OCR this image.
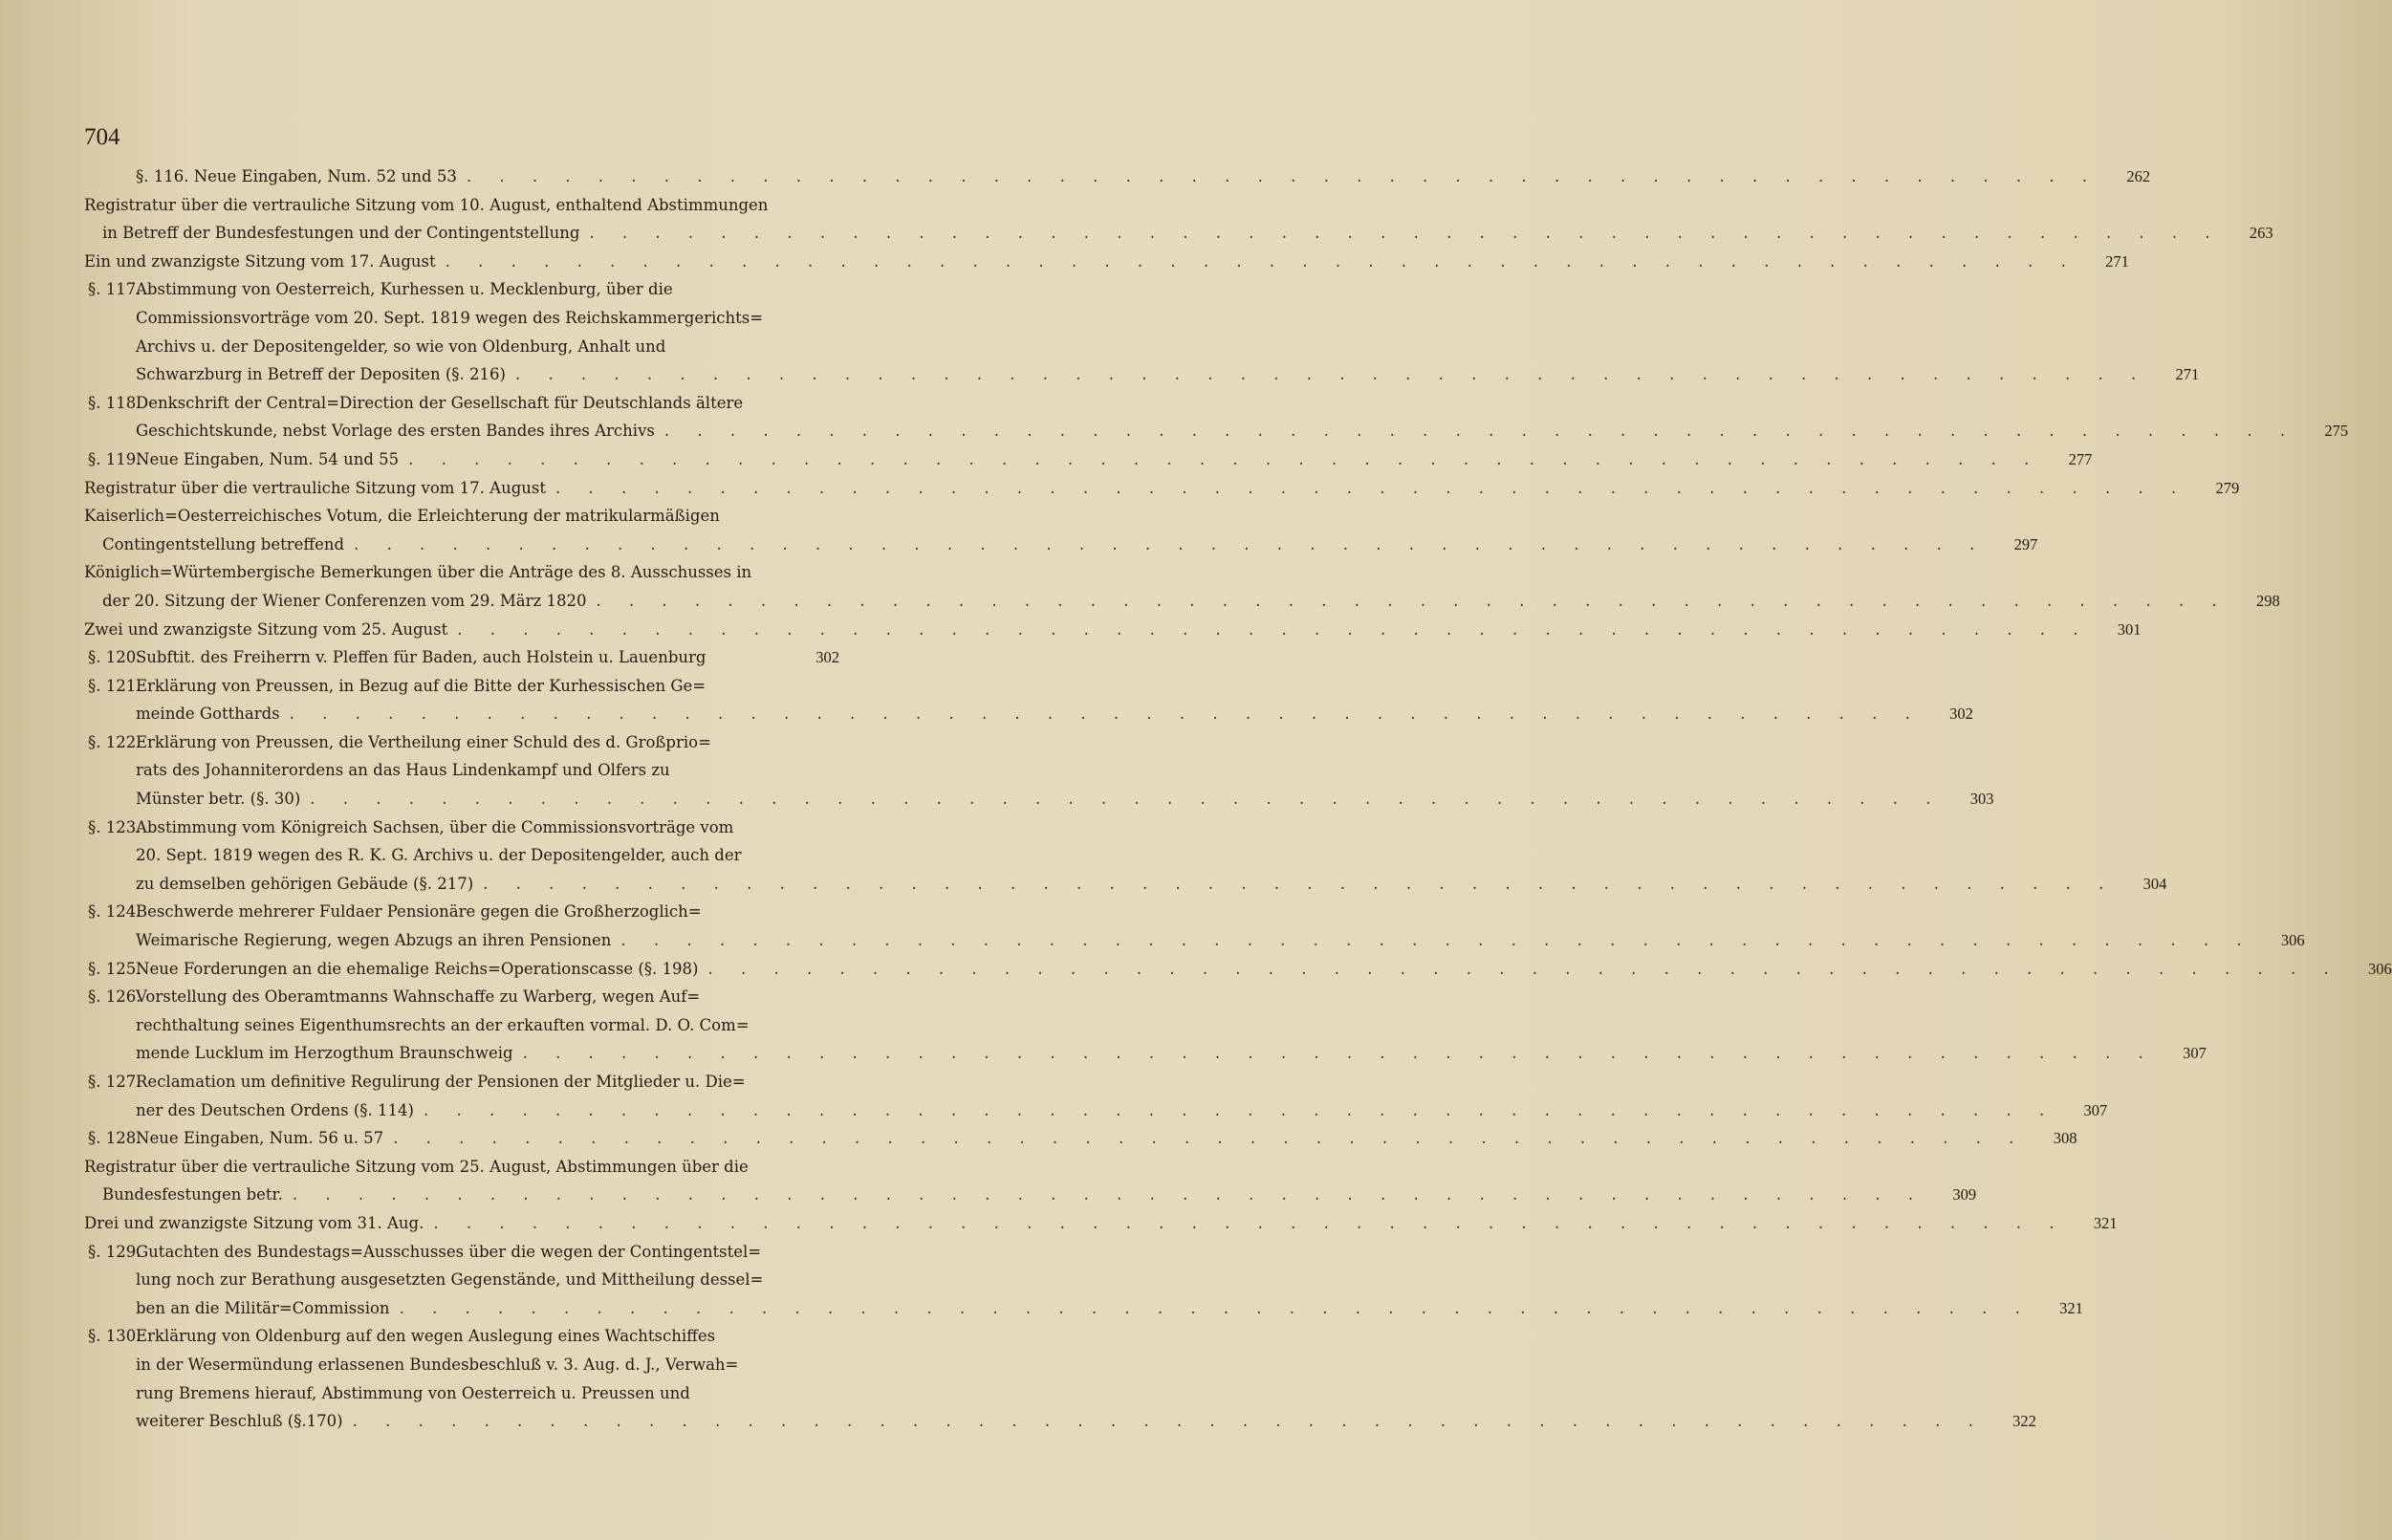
704
§. 116. Neue Eingaben, Num. 52 und 53 . . .	262
Registratur über die vertrauliche Sitzung vom 10. August, enthaltend Abstimmungen
in Betreff der Bundesfestungen und der Contingentstellung . . .	263
Ein und zwanzigste Sitzung vom 17. August . . .	271
§. 117.
Abstimmung von Oesterreich, Kurhessen u. Mecklenburg, über die
Commissionsvorträge vom 20. Sept. 1819 wegen des Reichskammergerichts=
Archivs u. der Depositengelder, so wie von Oldenburg, Anhalt und
Schwarzburg in Betreff der Depositen (§. 216) . . .	271
§. 118.
Denkschrift der Central=Direction der Gesellschaft für Deutschlands ältere
Geschichtskunde, nebst Vorlage des ersten Bandes ihres Archivs . . .	275
§. 119.
Neue Eingaben, Num. 54 und 55 . . .	277
Registratur über die vertrauliche Sitzung vom 17. August . . .	279
Kaiserlich=Oesterreichisches Votum, die Erleichterung der matrikularmäßigen
Contingentstellung betreffend . . .	297
Königlich=Würtembergische Bemerkungen über die Anträge des 8. Ausschusses in
der 20. Sitzung der Wiener Conferenzen vom 29. März 1820 . . .	298
Zwei und zwanzigste Sitzung vom 25. August . . .	301
§. 120.
Subftit. des Freiherrn v. Pleffen für Baden, auch Holstein u. Lauenburg	302
§. 121.
Erklärung von Preussen, in Bezug auf die Bitte der Kurhessischen Ge=
meinde Gotthards . . .	302
§. 122.
Erklärung von Preussen, die Vertheilung einer Schuld des d. Großprio=
rats des Johanniterordens an das Haus Lindenkampf und Olfers zu
Münster betr. (§. 30) . . .	303
§. 123.
Abstimmung vom Königreich Sachsen, über die Commissionsvorträge vom
20. Sept. 1819 wegen des R. K. G. Archivs u. der Depositengelder, auch der
zu demselben gehörigen Gebäude (§. 217) . . .	304
§. 124.
Beschwerde mehrerer Fuldaer Pensionäre gegen die Großherzoglich=
Weimarische Regierung, wegen Abzugs an ihren Pensionen . . .	306
§. 125.
Neue Forderungen an die ehemalige Reichs=Operationscasse (§. 198) . . .	306
§. 126.
Vorstellung des Oberamtmanns Wahnschaffe zu Warberg, wegen Auf=
rechthaltung seines Eigenthumsrechts an der erkauften vormal. D. O. Com=
mende Lucklum im Herzogthum Braunschweig . . .	307
§. 127.
Reclamation um definitive Regulirung der Pensionen der Mitglieder u. Die=
ner des Deutschen Ordens (§. 114) . . .	307
§. 128.
Neue Eingaben, Num. 56 u. 57 . . .	308
Registratur über die vertrauliche Sitzung vom 25. August, Abstimmungen über die
Bundesfestungen betr. . . .	309
Drei und zwanzigste Sitzung vom 31. Aug. . . .	321
§. 129.
Gutachten des Bundestags=Ausschusses über die wegen der Contingentstel=
lung noch zur Berathung ausgesetzten Gegenstände, und Mittheilung dessel=
ben an die Militär=Commission . . .	321
§. 130.
Erklärung von Oldenburg auf den wegen Auslegung eines Wachtschiffes
in der Wesermündung erlassenen Bundesbeschluß v. 3. Aug. d. J., Verwah=
rung Bremens hierauf, Abstimmung von Oesterreich u. Preussen und
weiterer Beschluß (§.170) . . .	322
